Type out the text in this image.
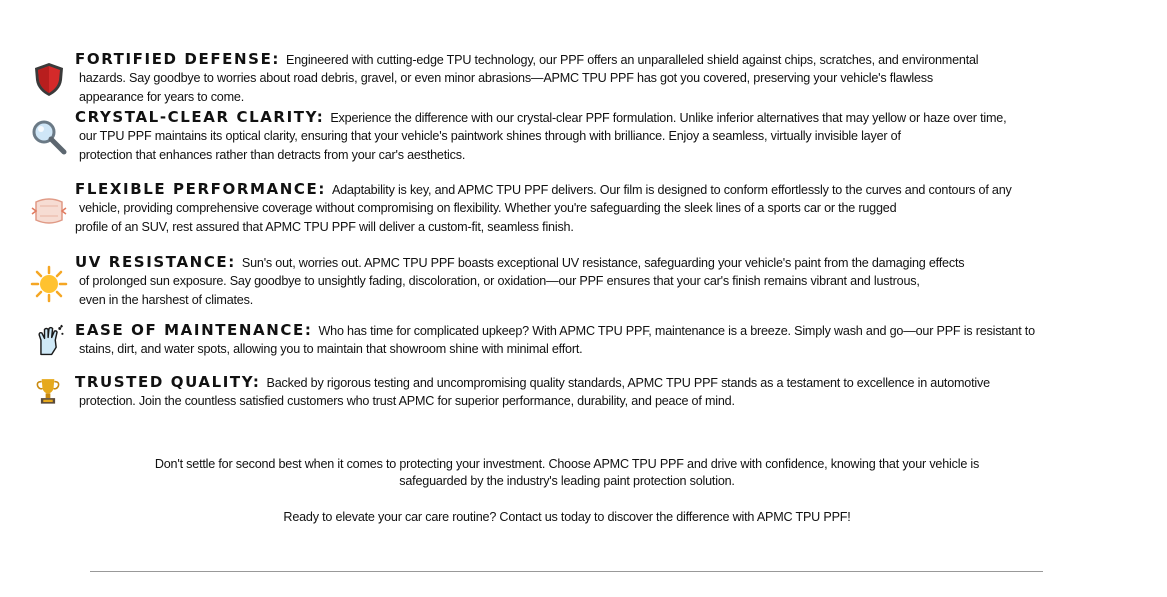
FORTIFIED DEFENSE: Engineered with cutting-edge TPU technology, our PPF offers an unparalleled shield against chips, scratches, and environmental
hazards. Say goodbye to worries about road debris, gravel, or even minor abrasions—APMC TPU PPF has got you covered, preserving your vehicle's flawless
appearance for years to come.
CRYSTAL-CLEAR CLARITY: Experience the difference with our crystal-clear PPF formulation. Unlike inferior alternatives that may yellow or haze over time,
our TPU PPF maintains its optical clarity, ensuring that your vehicle's paintwork shines through with brilliance. Enjoy a seamless, virtually invisible layer of
protection that enhances rather than detracts from your car's aesthetics.
FLEXIBLE PERFORMANCE: Adaptability is key, and APMC TPU PPF delivers. Our film is designed to conform effortlessly to the curves and contours of any
vehicle, providing comprehensive coverage without compromising on flexibility. Whether you're safeguarding the sleek lines of a sports car or the rugged
profile of an SUV, rest assured that APMC TPU PPF will deliver a custom-fit, seamless finish.
UV RESISTANCE: Sun's out, worries out. APMC TPU PPF boasts exceptional UV resistance, safeguarding your vehicle's paint from the damaging effects
of prolonged sun exposure. Say goodbye to unsightly fading, discoloration, or oxidation—our PPF ensures that your car's finish remains vibrant and lustrous,
even in the harshest of climates.
EASE OF MAINTENANCE: Who has time for complicated upkeep? With APMC TPU PPF, maintenance is a breeze. Simply wash and go—our PPF is resistant to
stains, dirt, and water spots, allowing you to maintain that showroom shine with minimal effort.
TRUSTED QUALITY: Backed by rigorous testing and uncompromising quality standards, APMC TPU PPF stands as a testament to excellence in automotive
protection. Join the countless satisfied customers who trust APMC for superior performance, durability, and peace of mind.
Don't settle for second best when it comes to protecting your investment. Choose APMC TPU PPF and drive with confidence, knowing that your vehicle is
safeguarded by the industry's leading paint protection solution.
Ready to elevate your car care routine? Contact us today to discover the difference with APMC TPU PPF!
